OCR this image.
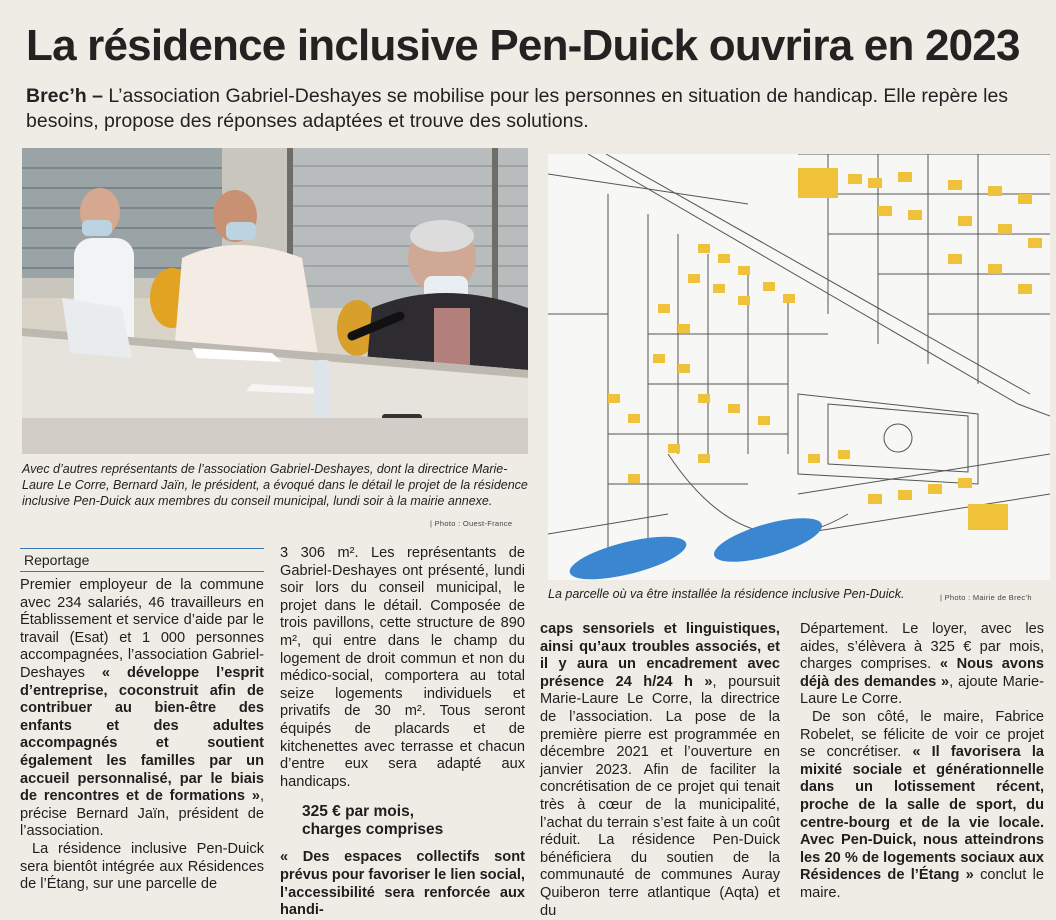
La résidence inclusive Pen-Duick ouvrira en 2023
Brec’h – L’association Gabriel-Deshayes se mobilise pour les personnes en situation de handicap. Elle repère les besoins, propose des réponses adaptées et trouve des solutions.
Avec d’autres représentants de l’association Gabriel-Deshayes, dont la directrice Marie-Laure Le Corre, Bernard Jaïn, le président, a évoqué dans le détail le projet de la résidence inclusive Pen-Duick aux membres du conseil municipal, lundi soir à la mairie annexe.
| Photo : Ouest-France
La parcelle où va être installée la résidence inclusive Pen-Duick.	| Photo : Mairie de Brec’h
Reportage

Premier employeur de la commune avec 234 salariés, 46 travailleurs en Établissement et service d’aide par le travail (Esat) et 1 000 personnes accompagnées, l’association Gabriel-Deshayes « développe l’esprit d’entreprise, coconstruit afin de contribuer au bien-être des enfants et des adultes accompagnés et soutient également les familles par un accueil personnalisé, par le biais de rencontres et de formations », précise Bernard Jaïn, président de l’association.

La résidence inclusive Pen-Duick sera bientôt intégrée aux Résidences de l’Étang, sur une parcelle de

3 306 m². Les représentants de Gabriel-Deshayes ont présenté, lundi soir lors du conseil municipal, le projet dans le détail. Composée de trois pavillons, cette structure de 890 m², qui entre dans le champ du logement de droit commun et non du médico-social, comportera au total seize logements individuels et privatifs de 30 m². Tous seront équipés de placards et de kitchenettes avec terrasse et chacun d’entre eux sera adapté aux handicaps.

325 € par mois,
charges comprises

« Des espaces collectifs sont prévus pour favoriser le lien social, l’accessibilité sera renforcée aux handi-

caps sensoriels et linguistiques, ainsi qu’aux troubles associés, et il y aura un encadrement avec présence 24 h/24 h », poursuit Marie-Laure Le Corre, la directrice de l’association. La pose de la première pierre est programmée en décembre 2021 et l’ouverture en janvier 2023. Afin de faciliter la concrétisation de ce projet qui tenait très à cœur de la municipalité, l’achat du terrain s’est faite à un coût réduit. La résidence Pen-Duick bénéficiera du soutien de la communauté de communes Auray Quiberon terre atlantique (Aqta) et du

Département. Le loyer, avec les aides, s’élèvera à 325 € par mois, charges comprises. « Nous avons déjà des demandes », ajoute Marie-Laure Le Corre.

De son côté, le maire, Fabrice Robelet, se félicite de voir ce projet se concrétiser. « Il favorisera la mixité sociale et générationnelle dans un lotissement récent, proche de la salle de sport, du centre-bourg et de la vie locale. Avec Pen-Duick, nous atteindrons les 20 % de logements sociaux aux Résidences de l’Étang » conclut le maire.
